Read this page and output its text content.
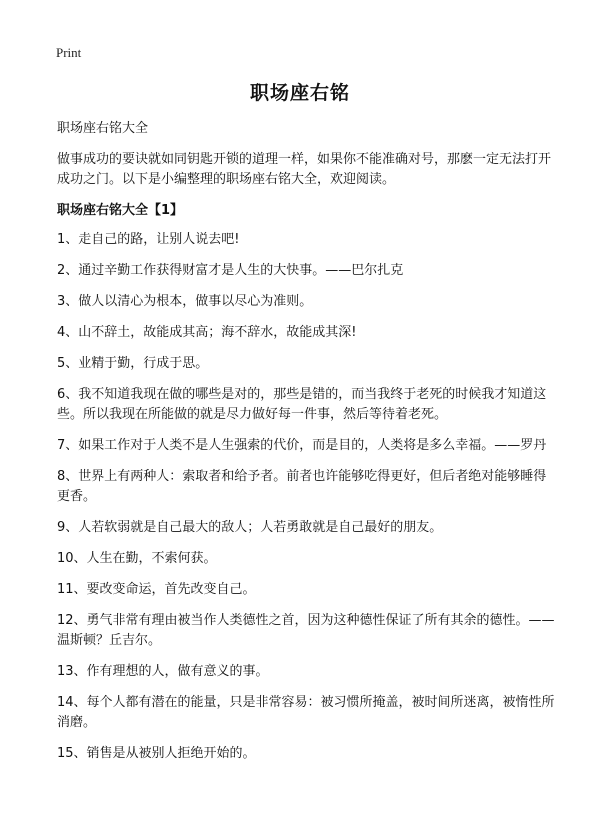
Print
职场座右铭

职场座右铭大全

做事成功的要诀就如同钥匙开锁的道理一样，如果你不能准确对号，那麽一定无法打开成功之门。以下是小编整理的职场座右铭大全，欢迎阅读。

职场座右铭大全【1】

1、走自己的路，让别人说去吧!
2、通过辛勤工作获得财富才是人生的大快事。——巴尔扎克
3、做人以清心为根本，做事以尽心为准则。
4、山不辞土，故能成其高；海不辞水，故能成其深!
5、业精于勤，行成于思。
6、我不知道我现在做的哪些是对的，那些是错的，而当我终于老死的时候我才知道这些。所以我现在所能做的就是尽力做好每一件事，然后等待着老死。
7、如果工作对于人类不是人生强索的代价，而是目的，人类将是多么幸福。——罗丹
8、世界上有两种人：索取者和给予者。前者也许能够吃得更好，但后者绝对能够睡得更香。
9、人若软弱就是自己最大的敌人；人若勇敢就是自己最好的朋友。
10、人生在勤，不索何获。
11、要改变命运，首先改变自己。
12、勇气非常有理由被当作人类德性之首，因为这种德性保证了所有其余的德性。——温斯顿？丘吉尔。
13、作有理想的人，做有意义的事。
14、每个人都有潜在的能量，只是非常容易：被习惯所掩盖，被时间所迷离，被惰性所消磨。
15、销售是从被别人拒绝开始的。
